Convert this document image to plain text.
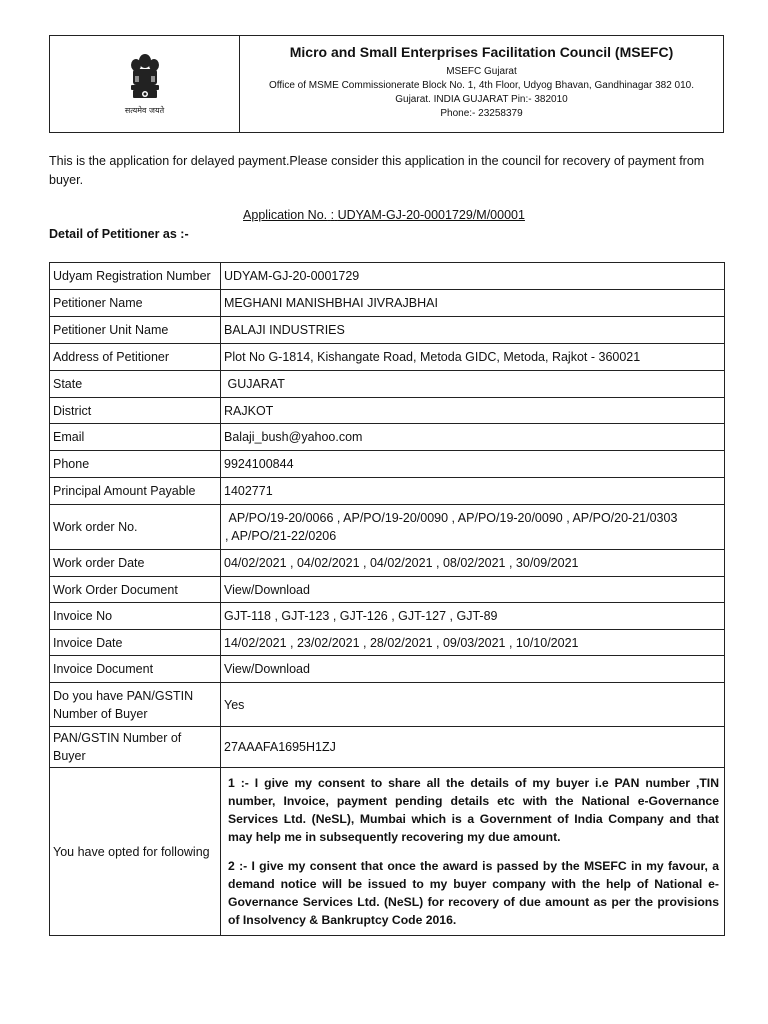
सत्यमेव जयते
Micro and Small Enterprises Facilitation Council (MSEFC)
MSEFC Gujarat
Office of MSME Commissionerate Block No. 1, 4th Floor, Udyog Bhavan, Gandhinagar 382 010.
Gujarat. INDIA GUJARAT Pin:- 382010
Phone:- 23258379
This is the application for delayed payment.Please consider this application in the council for recovery of payment from buyer.
Application No. : UDYAM-GJ-20-0001729/M/00001
Detail of Petitioner as :-
Udyam Registration Number	UDYAM-GJ-20-0001729
Petitioner Name	MEGHANI MANISHBHAI JIVRAJBHAI
Petitioner Unit Name	BALAJI INDUSTRIES
Address of Petitioner	Plot No G-1814, Kishangate Road, Metoda GIDC, Metoda, Rajkot - 360021
State	GUJARAT
District	RAJKOT
Email	Balaji_bush@yahoo.com
Phone	9924100844
Principal Amount Payable	1402771
Work order No.	AP/PO/19-20/0066 , AP/PO/19-20/0090 , AP/PO/19-20/0090 , AP/PO/20-21/0303 , AP/PO/21-22/0206
Work order Date	04/02/2021 , 04/02/2021 , 04/02/2021 , 08/02/2021 , 30/09/2021
Work Order Document	View/Download
Invoice No	GJT-118 , GJT-123 , GJT-126 , GJT-127 , GJT-89
Invoice Date	14/02/2021 , 23/02/2021 , 28/02/2021 , 09/03/2021 , 10/10/2021
Invoice Document	View/Download
Do you have PAN/GSTIN Number of Buyer	Yes
PAN/GSTIN Number of Buyer	27AAAFA1695H1ZJ
You have opted for following	1 :- I give my consent to share all the details of my buyer i.e PAN number ,TIN number, Invoice, payment pending details etc with the National e-Governance Services Ltd. (NeSL), Mumbai which is a Government of India Company and that may help me in subsequently recovering my due amount.

2 :- I give my consent that once the award is passed by the MSEFC in my favour, a demand notice will be issued to my buyer company with the help of National e-Governance Services Ltd. (NeSL) for recovery of due amount as per the provisions of Insolvency & Bankruptcy Code 2016.
